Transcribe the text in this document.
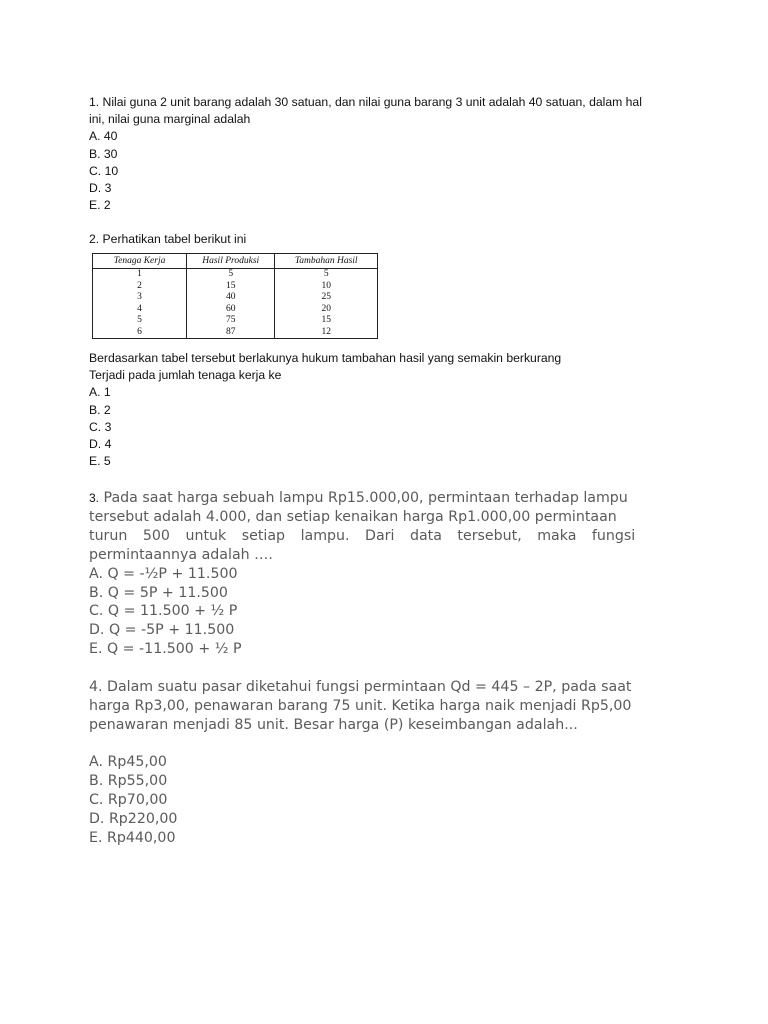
1. Nilai guna 2 unit barang adalah 30 satuan, dan nilai guna barang 3 unit adalah 40 satuan, dalam hal
ini, nilai guna marginal adalah
A. 40
B. 30
C. 10
D. 3
E. 2
2. Perhatikan tabel berikut ini
Tenaga Kerja	Hasil Produksi	Tambahan Hasil
1	5	5
2	15	10
3	40	25
4	60	20
5	75	15
6	87	12
Berdasarkan tabel tersebut berlakunya hukum tambahan hasil yang semakin berkurang
Terjadi pada jumlah tenaga kerja ke
A. 1
B. 2
C. 3
D. 4
E. 5
3. Pada saat harga sebuah lampu Rp15.000,00, permintaan terhadap lampu
tersebut adalah 4.000, dan setiap kenaikan harga Rp1.000,00 permintaan
turun 500 untuk setiap lampu. Dari data tersebut, maka fungsi
permintaannya adalah ….
A. Q = -½P + 11.500
B. Q = 5P + 11.500
C. Q = 11.500 + ½ P
D. Q = -5P + 11.500
E. Q = -11.500 + ½ P
4. Dalam suatu pasar diketahui fungsi permintaan Qd = 445 – 2P, pada saat
harga Rp3,00, penawaran barang 75 unit. Ketika harga naik menjadi Rp5,00
penawaran menjadi 85 unit. Besar harga (P) keseimbangan adalah...
A. Rp45,00
B. Rp55,00
C. Rp70,00
D. Rp220,00
E. Rp440,00
